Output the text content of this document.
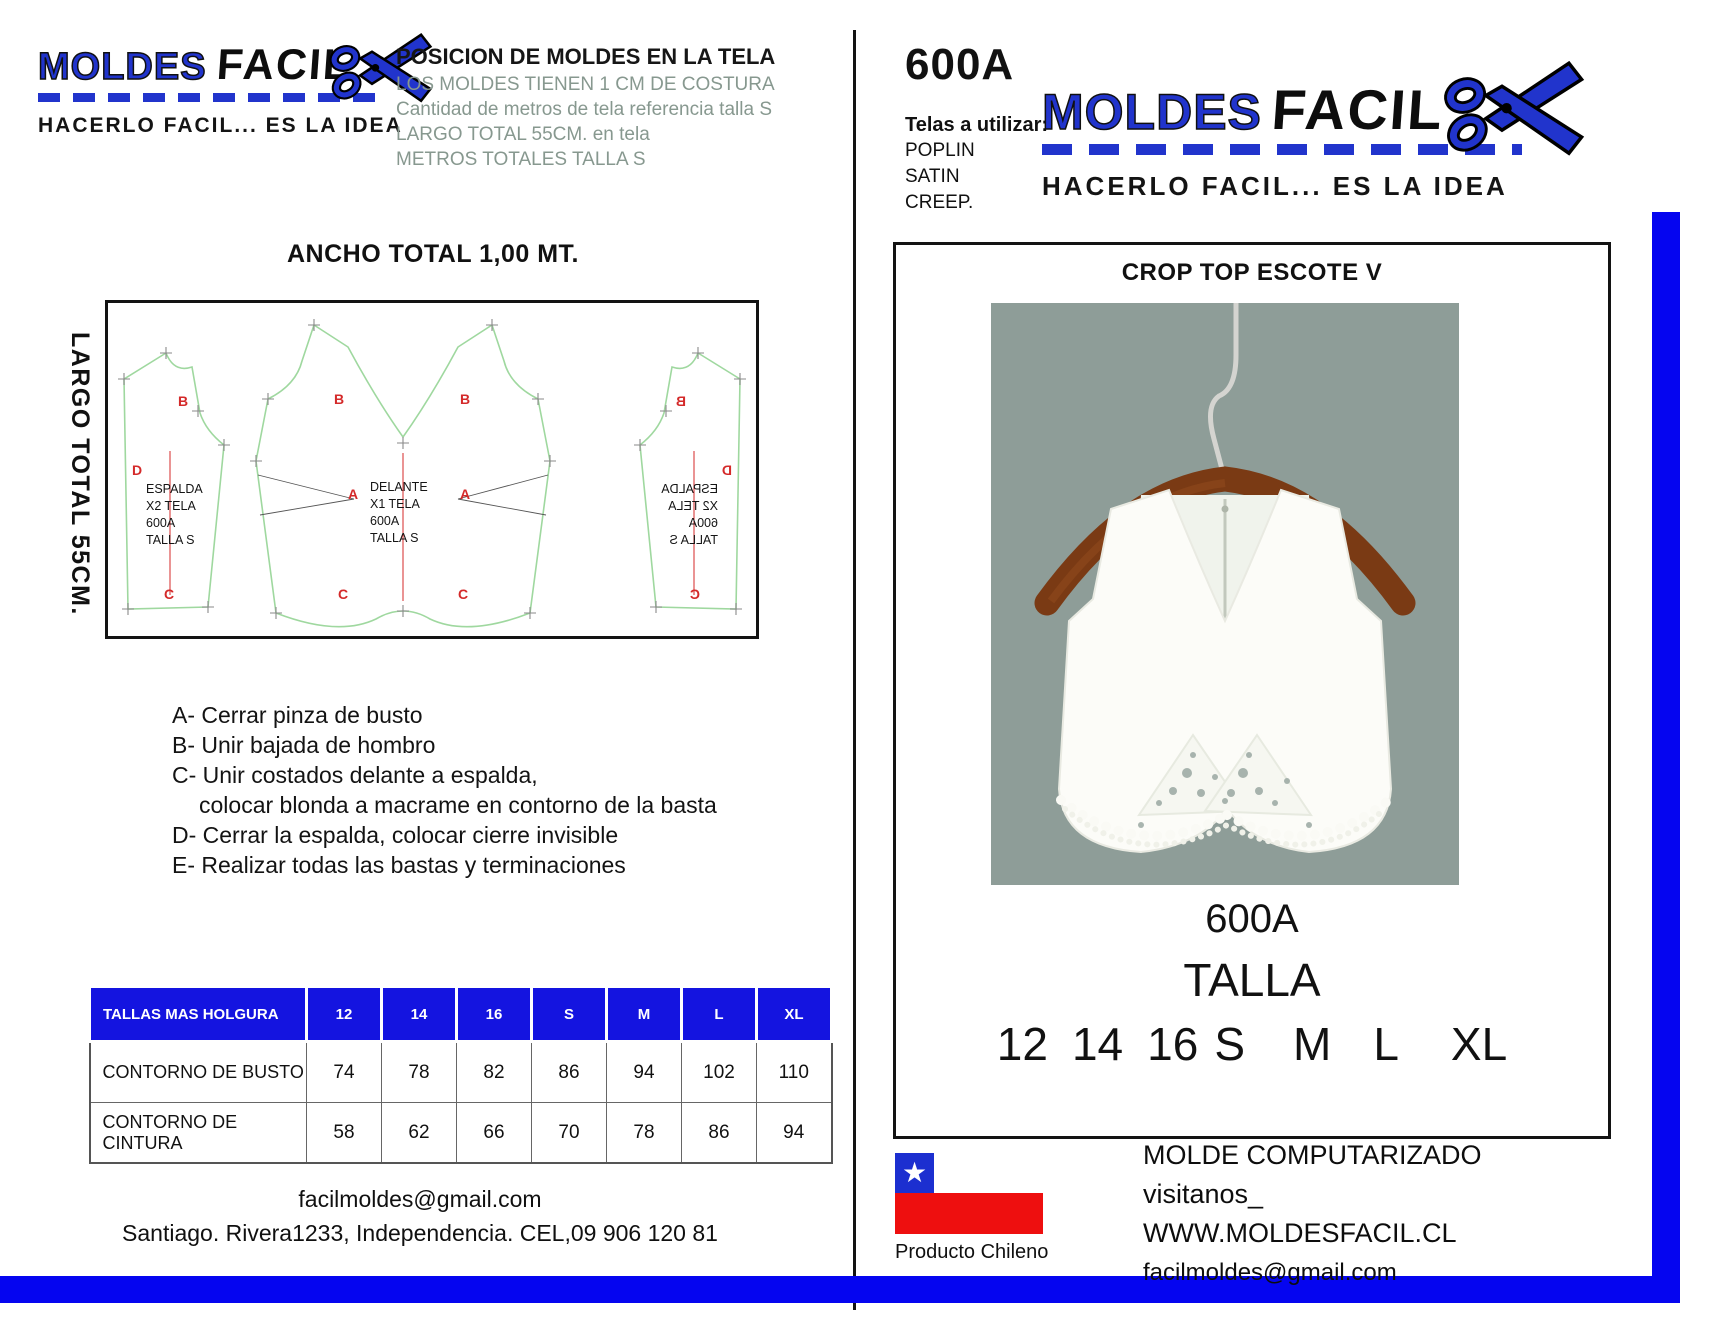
MOLDES FACIL
HACERLO FACIL... ES LA IDEA
POSICION DE MOLDES EN LA TELA
LOS MOLDES TIENEN 1 CM DE COSTURA
Cantidad de metros de tela referencia talla S
LARGO TOTAL 55CM. en tela
METROS TOTALES TALLA S
ANCHO TOTAL 1,00 MT.
LARGO TOTAL 55CM.	B
D
C
ESPALDA X2 TELA 600A TALLA S
B	B
A	A
C	C
DELANTE X1 TELA 600A TALLA S
B
D
C
ESPALDA X2 TELA 600A TALLA S
A- Cerrar pinza de busto
B- Unir bajada de hombro
C- Unir costados delante a espalda,
colocar blonda a macrame en contorno de la basta
D- Cerrar la espalda, colocar cierre invisible
E- Realizar todas las bastas y terminaciones
TALLAS MAS HOLGURA	12	14	16	S	M	L	XL
CONTORNO DE BUSTO	74	78	82	86	94	102	110
CONTORNO DE CINTURA	58	62	66	70	78	86	94
facilmoldes@gmail.com
Santiago. Rivera1233, Independencia. CEL,09 906 120 81
600A
Telas a utilizar:
POPLIN
SATIN
CREEP.
MOLDES FACIL
HACERLO FACIL... ES LA IDEA
CROP TOP ESCOTE V
600A
TALLA
12 14 16 S M L XL
★
Producto Chileno
MOLDE COMPUTARIZADO
visitanos_
WWW.MOLDESFACIL.CL
facilmoldes@gmail.com
